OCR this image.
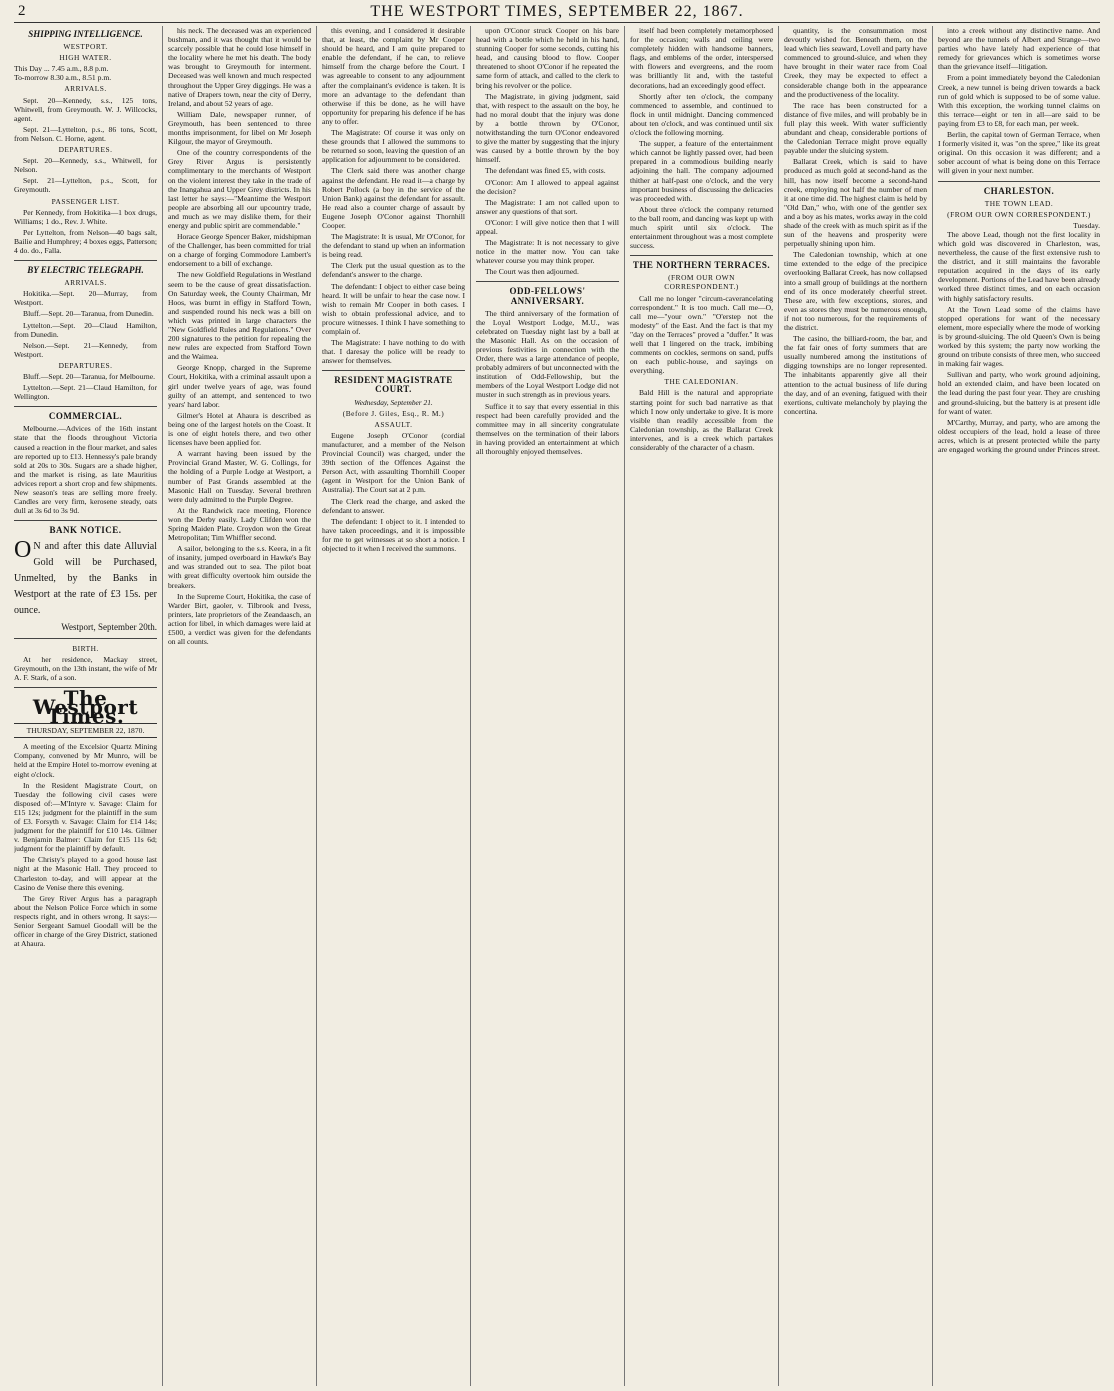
2	THE WESTPORT TIMES, SEPTEMBER 22, 1867.
SHIPPING INTELLIGENCE.
WESTPORT.
HIGH WATER.
This Day ... 7.45 a.m., 8.8 p.m.
To-morrow 8.30 a.m., 8.51 p.m.
ARRIVALS.

Sept. 20—Kennedy, s.s., 125 tons, Whitwell, from Greymouth. W. J. Willcocks, agent.

Sept. 21—Lyttelton, p.s., 86 tons, Scott, from Nelson. C. Horne, agent.

DEPARTURES.

Sept. 20—Kennedy, s.s., Whitwell, for Nelson.

Sept. 21—Lyttelton, p.s., Scott, for Greymouth.

PASSENGER LIST.

Per Kennedy, from Hokitika—1 box drugs, Williams; 1 do., Rev. J. White.

Per Lyttelton, from Nelson—40 bags salt, Bailie and Humphrey; 4 boxes eggs, Patterson; 4 do. do., Falla.

BY ELECTRIC TELEGRAPH.
ARRIVALS.

Hokitika.—Sept. 20—Murray, from Westport.

Bluff.—Sept. 20—Taranua, from Dunedin.

Lyttelton.—Sept. 20—Claud Hamilton, from Dunedin.

Nelson.—Sept. 21—Kennedy, from Westport.

DEPARTURES.

Bluff.—Sept. 20—Taranua, for Melbourne.

Lyttelton.—Sept. 21—Claud Hamilton, for Wellington.

COMMERCIAL.

Melbourne.—Advices of the 16th instant state that the floods throughout Victoria caused a reaction in the flour market, and sales are reported up to £13. Hennessy's pale brandy sold at 20s to 30s. Sugars are a shade higher, and the market is rising, as late Mauritius advices report a short crop and few shipments. New season's teas are selling more freely. Candles are very firm, kerosene steady, oats dull at 3s 6d to 3s 9d.

BANK NOTICE.
O N and after this date Alluvial Gold will be Purchased, Unmelted, by the Banks in Westport at the rate of £3 15s. per ounce.
Westport, September 20th.
BIRTH.

At her residence, Mackay street, Greymouth, on the 13th instant, the wife of Mr A. F. Stark, of a son.

The Westport Times.
THURSDAY, SEPTEMBER 22, 1870.

A meeting of the Excelsior Quartz Mining Company, convened by Mr Munro, will be held at the Empire Hotel to-morrow evening at eight o'clock.

In the Resident Magistrate Court, on Tuesday the following civil cases were disposed of:—M'Intyre v. Savage: Claim for £15 12s; judgment for the plaintiff in the sum of £3. Forsyth v. Savage: Claim for £14 14s; judgment for the plaintiff for £10 14s. Gilmer v. Benjamin Balmer: Claim for £15 11s 6d; judgment for the plaintiff by default.

The Christy's played to a good house last night at the Masonic Hall. They proceed to Charleston to-day, and will appear at the Casino de Venise there this evening.

The Grey River Argus has a paragraph about the Nelson Police Force which in some respects right, and in others wrong. It says:—Senior Sergeant Samuel Goodall will be the officer in charge of the Grey District, stationed at Ahaura.

his neck. The deceased was an experienced bushman, and it was thought that it would be scarcely possible that he could lose himself in the locality where he met his death. The body was brought to Greymouth for interment. Deceased was well known and much respected throughout the Upper Grey diggings. He was a native of Drapers town, near the city of Derry, Ireland, and about 52 years of age.

William Dale, newspaper runner, of Greymouth, has been sentenced to three months imprisonment, for libel on Mr Joseph Kilgour, the mayor of Greymouth.

One of the country correspondents of the Grey River Argus is persistently complimentary to the merchants of Westport on the violent interest they take in the trade of the Inangahua and Upper Grey districts. In his last letter he says:—"Meantime the Westport people are absorbing all our upcountry trade, and much as we may dislike them, for their energy and public spirit are commendable."

Horace George Spencer Baker, midshipman of the Challenger, has been committed for trial on a charge of forging Commodore Lambert's endorsement to a bill of exchange.

The new Goldfield Regulations in Westland seem to be the cause of great dissatisfaction. On Saturday week, the County Chairman, Mr Hoos, was burnt in effigy in Stafford Town, and suspended round his neck was a bill on which was printed in large characters the "New Goldfield Rules and Regulations." Over 200 signatures to the petition for repealing the new rules are expected from Stafford Town and the Waimea.

George Knopp, charged in the Supreme Court, Hokitika, with a criminal assault upon a girl under twelve years of age, was found guilty of an attempt, and sentenced to two years' hard labor.

Gilmer's Hotel at Ahaura is described as being one of the largest hotels on the Coast. It is one of eight hotels there, and two other licenses have been applied for.

A warrant having been issued by the Provincial Grand Master, W. G. Collings, for the holding of a Purple Lodge at Westport, a number of Past Grands assembled at the Masonic Hall on Tuesday. Several brethren were duly admitted to the Purple Degree.

At the Randwick race meeting, Florence won the Derby easily. Lady Clifden won the Spring Maiden Plate. Croydon won the Great Metropolitan; Tim Whiffler second.

A sailor, belonging to the s.s. Keera, in a fit of insanity, jumped overboard in Hawke's Bay and was stranded out to sea. The pilot boat with great difficulty overtook him outside the breakers.

In the Supreme Court, Hokitika, the case of Warder Birt, gaoler, v. Tilbrook and Ivess, printers, late proprietors of the Zeandaasch, an action for libel, in which damages were laid at £500, a verdict was given for the defendants on all counts.

this evening, and I considered it desirable that, at least, the complaint by Mr Cooper should be heard, and I am quite prepared to enable the defendant, if he can, to relieve himself from the charge before the Court. I was agreeable to consent to any adjournment after the complainant's evidence is taken. It is more an advantage to the defendant than otherwise if this be done, as he will have opportunity for preparing his defence if he has any to offer.

The Magistrate: Of course it was only on these grounds that I allowed the summons to be returned so soon, leaving the question of an application for adjournment to be considered.

The Clerk said there was another charge against the defendant. He read it—a charge by Robert Pollock (a boy in the service of the Union Bank) against the defendant for assault. He read also a counter charge of assault by Eugene Joseph O'Conor against Thornhill Cooper.

The Magistrate: It is usual, Mr O'Conor, for the defendant to stand up when an information is being read.

The Clerk put the usual question as to the defendant's answer to the charge.

The defendant: I object to either case being heard. It will be unfair to hear the case now. I wish to remain Mr Cooper in both cases. I wish to obtain professional advice, and to procure witnesses. I think I have something to complain of.

The Magistrate: I have nothing to do with that. I daresay the police will be ready to answer for themselves.

RESIDENT MAGISTRATE COURT.
Wednesday, September 21.
(Before J. Giles, Esq., R. M.)
ASSAULT.

Eugene Joseph O'Conor (cordial manufacturer, and a member of the Nelson Provincial Council) was charged, under the 39th section of the Offences Against the Person Act, with assaulting Thornhill Cooper (agent in Westport for the Union Bank of Australia). The Court sat at 2 p.m.

The Clerk read the charge, and asked the defendant to answer.

The defendant: I object to it. I intended to have taken proceedings, and it is impossible for me to get witnesses at so short a notice. I objected to it when I received the summons.

upon O'Conor struck Cooper on his bare head with a bottle which he held in his hand, stunning Cooper for some seconds, cutting his head, and causing blood to flow. Cooper threatened to shoot O'Conor if he repeated the same form of attack, and called to the clerk to bring his revolver or the police.

The Magistrate, in giving judgment, said that, with respect to the assault on the boy, he had no moral doubt that the injury was done by a bottle thrown by O'Conor, notwithstanding the turn O'Conor endeavored to give the matter by suggesting that the injury was caused by a bottle thrown by the boy himself.

The defendant was fined £5, with costs.

O'Conor: Am I allowed to appeal against the decision?

The Magistrate: I am not called upon to answer any questions of that sort.

O'Conor: I will give notice then that I will appeal.

The Magistrate: It is not necessary to give notice in the matter now. You can take whatever course you may think proper.

The Court was then adjourned.

ODD-FELLOWS' ANNIVERSARY.

The third anniversary of the formation of the Loyal Westport Lodge, M.U., was celebrated on Tuesday night last by a ball at the Masonic Hall. As on the occasion of previous festivities in connection with the Order, there was a large attendance of people, probably admirers of but unconnected with the institution of Odd-Fellowship, but the members of the Loyal Westport Lodge did not muster in such strength as in previous years.

Suffice it to say that every essential in this respect had been carefully provided and the committee may in all sincerity congratulate themselves on the termination of their labors in having provided an entertainment at which all thoroughly enjoyed themselves.

itself had been completely metamorphosed for the occasion; walls and ceiling were completely hidden with handsome banners, flags, and emblems of the order, interspersed with flowers and evergreens, and the room was brilliantly lit and, with the tasteful decorations, had an exceedingly good effect.

Shortly after ten o'clock, the company commenced to assemble, and continued to flock in until midnight. Dancing commenced about ten o'clock, and was continued until six o'clock the following morning.

The supper, a feature of the entertainment which cannot be lightly passed over, had been prepared in a commodious building nearly adjoining the hall. The company adjourned thither at half-past one o'clock, and the very important business of discussing the delicacies was proceeded with.

About three o'clock the company returned to the ball room, and dancing was kept up with much spirit until six o'clock. The entertainment throughout was a most complete success.

THE NORTHERN TERRACES.
(FROM OUR OWN CORRESPONDENT.)

Call me no longer "circum-caverancelating correspondent." It is too much. Call me—O, call me—"your own." "O'erstep not the modesty" of the East. And the fact is that my "day on the Terraces" proved a "duffer." It was well that I lingered on the track, imbibing comments on cockles, sermons on sand, puffs on each public-house, and sayings on everything.

THE CALEDONIAN.

Bald Hill is the natural and appropriate starting point for such bad narrative as that which I now only undertake to give. It is more visible than readily accessible from the Caledonian township, as the Ballarat Creek intervenes, and is a creek which partakes considerably of the character of a chasm.

quantity, is the consummation most devoutly wished for. Beneath them, on the lead which lies seaward, Lovell and party have commenced to ground-sluice, and when they have brought in their water race from Coal Creek, they may be expected to effect a considerable change both in the appearance and the productiveness of the locality.

The race has been constructed for a distance of five miles, and will probably be in full play this week. With water sufficiently abundant and cheap, considerable portions of the Caledonian Terrace might prove equally payable under the sluicing system.

Ballarat Creek, which is said to have produced as much gold at second-hand as the hill, has now itself become a second-hand creek, employing not half the number of men it at one time did. The highest claim is held by "Old Dan," who, with one of the gentler sex and a boy as his mates, works away in the cold shade of the creek with as much spirit as if the sun of the heavens and prosperity were perpetually shining upon him.

The Caledonian township, which at one time extended to the edge of the precipice overlooking Ballarat Creek, has now collapsed into a small group of buildings at the northern end of its once moderately cheerful street. These are, with few exceptions, stores, and even as stores they must be numerous enough, if not too numerous, for the requirements of the district.

The casino, the billiard-room, the bar, and the fat fair ones of forty summers that are usually numbered among the institutions of digging townships are no longer represented. The inhabitants apparently give all their attention to the actual business of life during the day, and of an evening, fatigued with their exertions, cultivate melancholy by playing the concertina.

into a creek without any distinctive name. And beyond are the tunnels of Albert and Strange—two parties who have lately had experience of that remedy for grievances which is sometimes worse than the grievance itself—litigation.

From a point immediately beyond the Caledonian Creek, a new tunnel is being driven towards a back run of gold which is supposed to be of some value. With this exception, the working tunnel claims on this terrace—eight or ten in all—are said to be paying from £3 to £8, for each man, per week.

Berlin, the capital town of German Terrace, when I formerly visited it, was "on the spree," like its great original. On this occasion it was different; and a sober account of what is being done on this Terrace will given in your next number.

CHARLESTON.
THE TOWN LEAD.
(FROM OUR OWN CORRESPONDENT.)
Tuesday.

The above Lead, though not the first locality in which gold was discovered in Charleston, was, nevertheless, the cause of the first extensive rush to the district, and it still maintains the favorable reputation acquired in the days of its early development. Portions of the Lead have been already worked three distinct times, and on each occasion with highly satisfactory results.

At the Town Lead some of the claims have stopped operations for want of the necessary element, more especially where the mode of working is by ground-sluicing. The old Queen's Own is being worked by this system; the party now working the ground on tribute consists of three men, who succeed in making fair wages.

Sullivan and party, who work ground adjoining, hold an extended claim, and have been located on the lead during the past four year. They are crushing and ground-sluicing, but the battery is at present idle for want of water.

M'Carthy, Murray, and party, who are among the oldest occupiers of the lead, hold a lease of three acres, which is at present protected while the party are engaged working the ground under Princes street.
